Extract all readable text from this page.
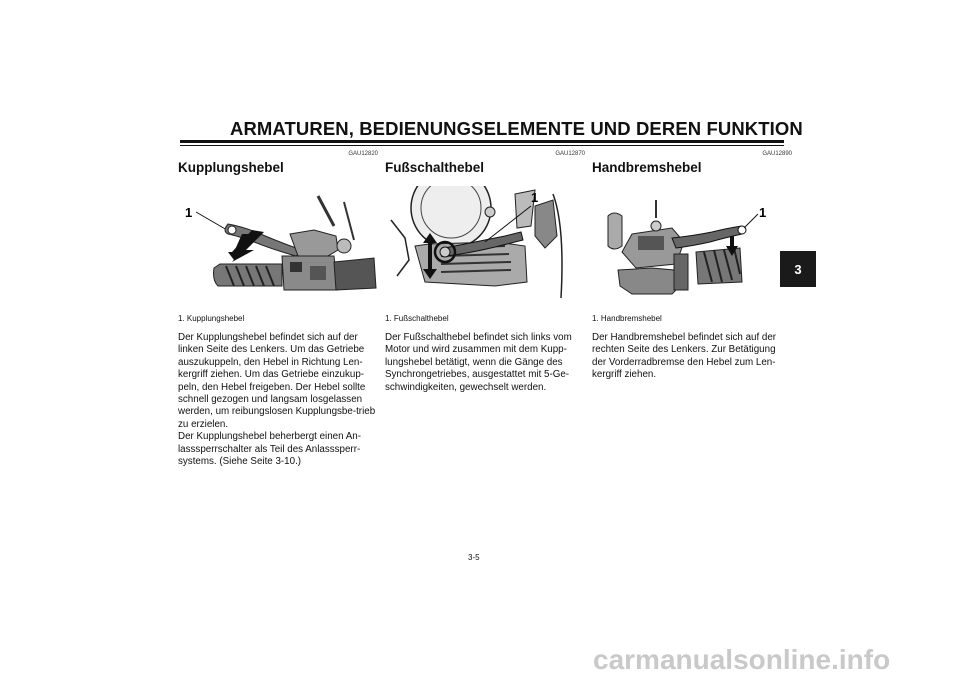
ARMATUREN, BEDIENUNGSELEMENTE UND DEREN FUNKTION
3
GAU12820
Kupplungshebel
1
1. Kupplungshebel

Der Kupplungshebel befindet sich auf der linken Seite des Lenkers. Um das Getriebe auszukuppeln, den Hebel in Richtung Len-kergriff ziehen. Um das Getriebe einzukup-peln, den Hebel freigeben. Der Hebel sollte schnell gezogen und langsam losgelassen werden, um reibungslosen Kupplungsbe-trieb zu erzielen.

Der Kupplungshebel beherbergt einen An-lasssperrschalter als Teil des Anlasssperr-systems. (Siehe Seite 3-10.)

GAU12870
Fußschalthebel
1
1. Fußschalthebel

Der Fußschalthebel befindet sich links vom Motor und wird zusammen mit dem Kupp-lungshebel betätigt, wenn die Gänge des Synchrongetriebes, ausgestattet mit 5-Ge-schwindigkeiten, gewechselt werden.

GAU12890
Handbremshebel
1
1. Handbremshebel

Der Handbremshebel befindet sich auf der rechten Seite des Lenkers. Zur Betätigung der Vorderradbremse den Hebel zum Len-kergriff ziehen.

3-5
carmanualsonline.info
